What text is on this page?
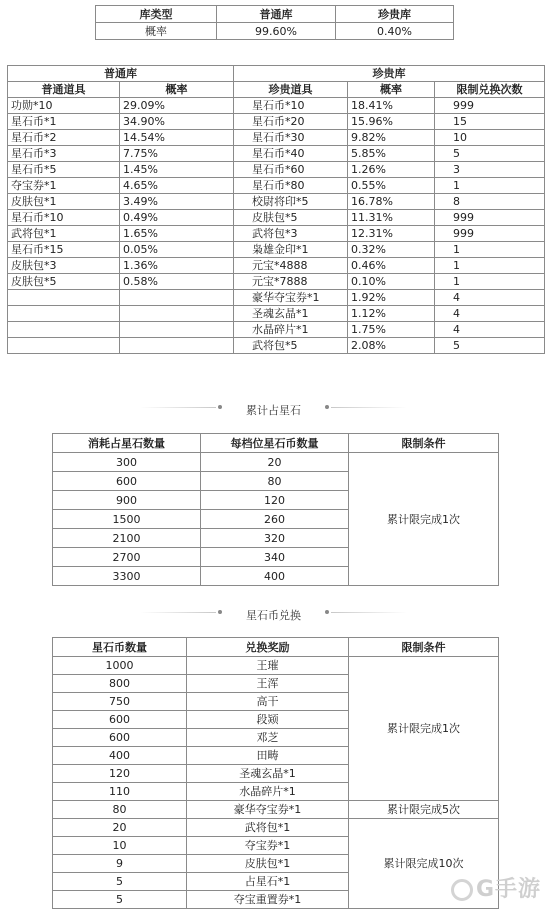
库类型	普通库	珍贵库
概率	99.60%	0.40%
普通库		珍贵库		
普通道具	概率	珍贵道具	概率	限制兑换次数
功勋*10	29.09%	星石币*10	18.41%	999
星石币*1	34.90%	星石币*20	15.96%	15
星石币*2	14.54%	星石币*30	9.82%	10
星石币*3	7.75%	星石币*40	5.85%	5
星石币*5	1.45%	星石币*60	1.26%	3
夺宝券*1	4.65%	星石币*80	0.55%	1
皮肤包*1	3.49%	校尉将印*5	16.78%	8
星石币*10	0.49%	皮肤包*5	11.31%	999
武将包*1	1.65%	武将包*3	12.31%	999
星石币*15	0.05%	枭雄金印*1	0.32%	1
皮肤包*3	1.36%	元宝*4888	0.46%	1
皮肤包*5	0.58%	元宝*7888	0.10%	1
		豪华夺宝券*1	1.92%	4
		圣魂玄晶*1	1.12%	4
		水晶碎片*1	1.75%	4
		武将包*5	2.08%	5
累计占星石
消耗占星石数量	每档位星石币数量	限制条件
300	20	累计限完成1次
600	80	
900	120	
1500	260	
2100	320	
2700	340	
3300	400	
星石币兑换
星石币数量	兑换奖励	限制条件
1000	王璀	累计限完成1次
800	王浑	
750	高干	
600	段颎	
600	邓芝	
400	田畴	
120	圣魂玄晶*1	
110	水晶碎片*1	
80	豪华夺宝券*1	累计限完成5次
20	武将包*1	累计限完成10次
10	夺宝券*1	
9	皮肤包*1	
5	占星石*1	
5	夺宝重置券*1		G手游
